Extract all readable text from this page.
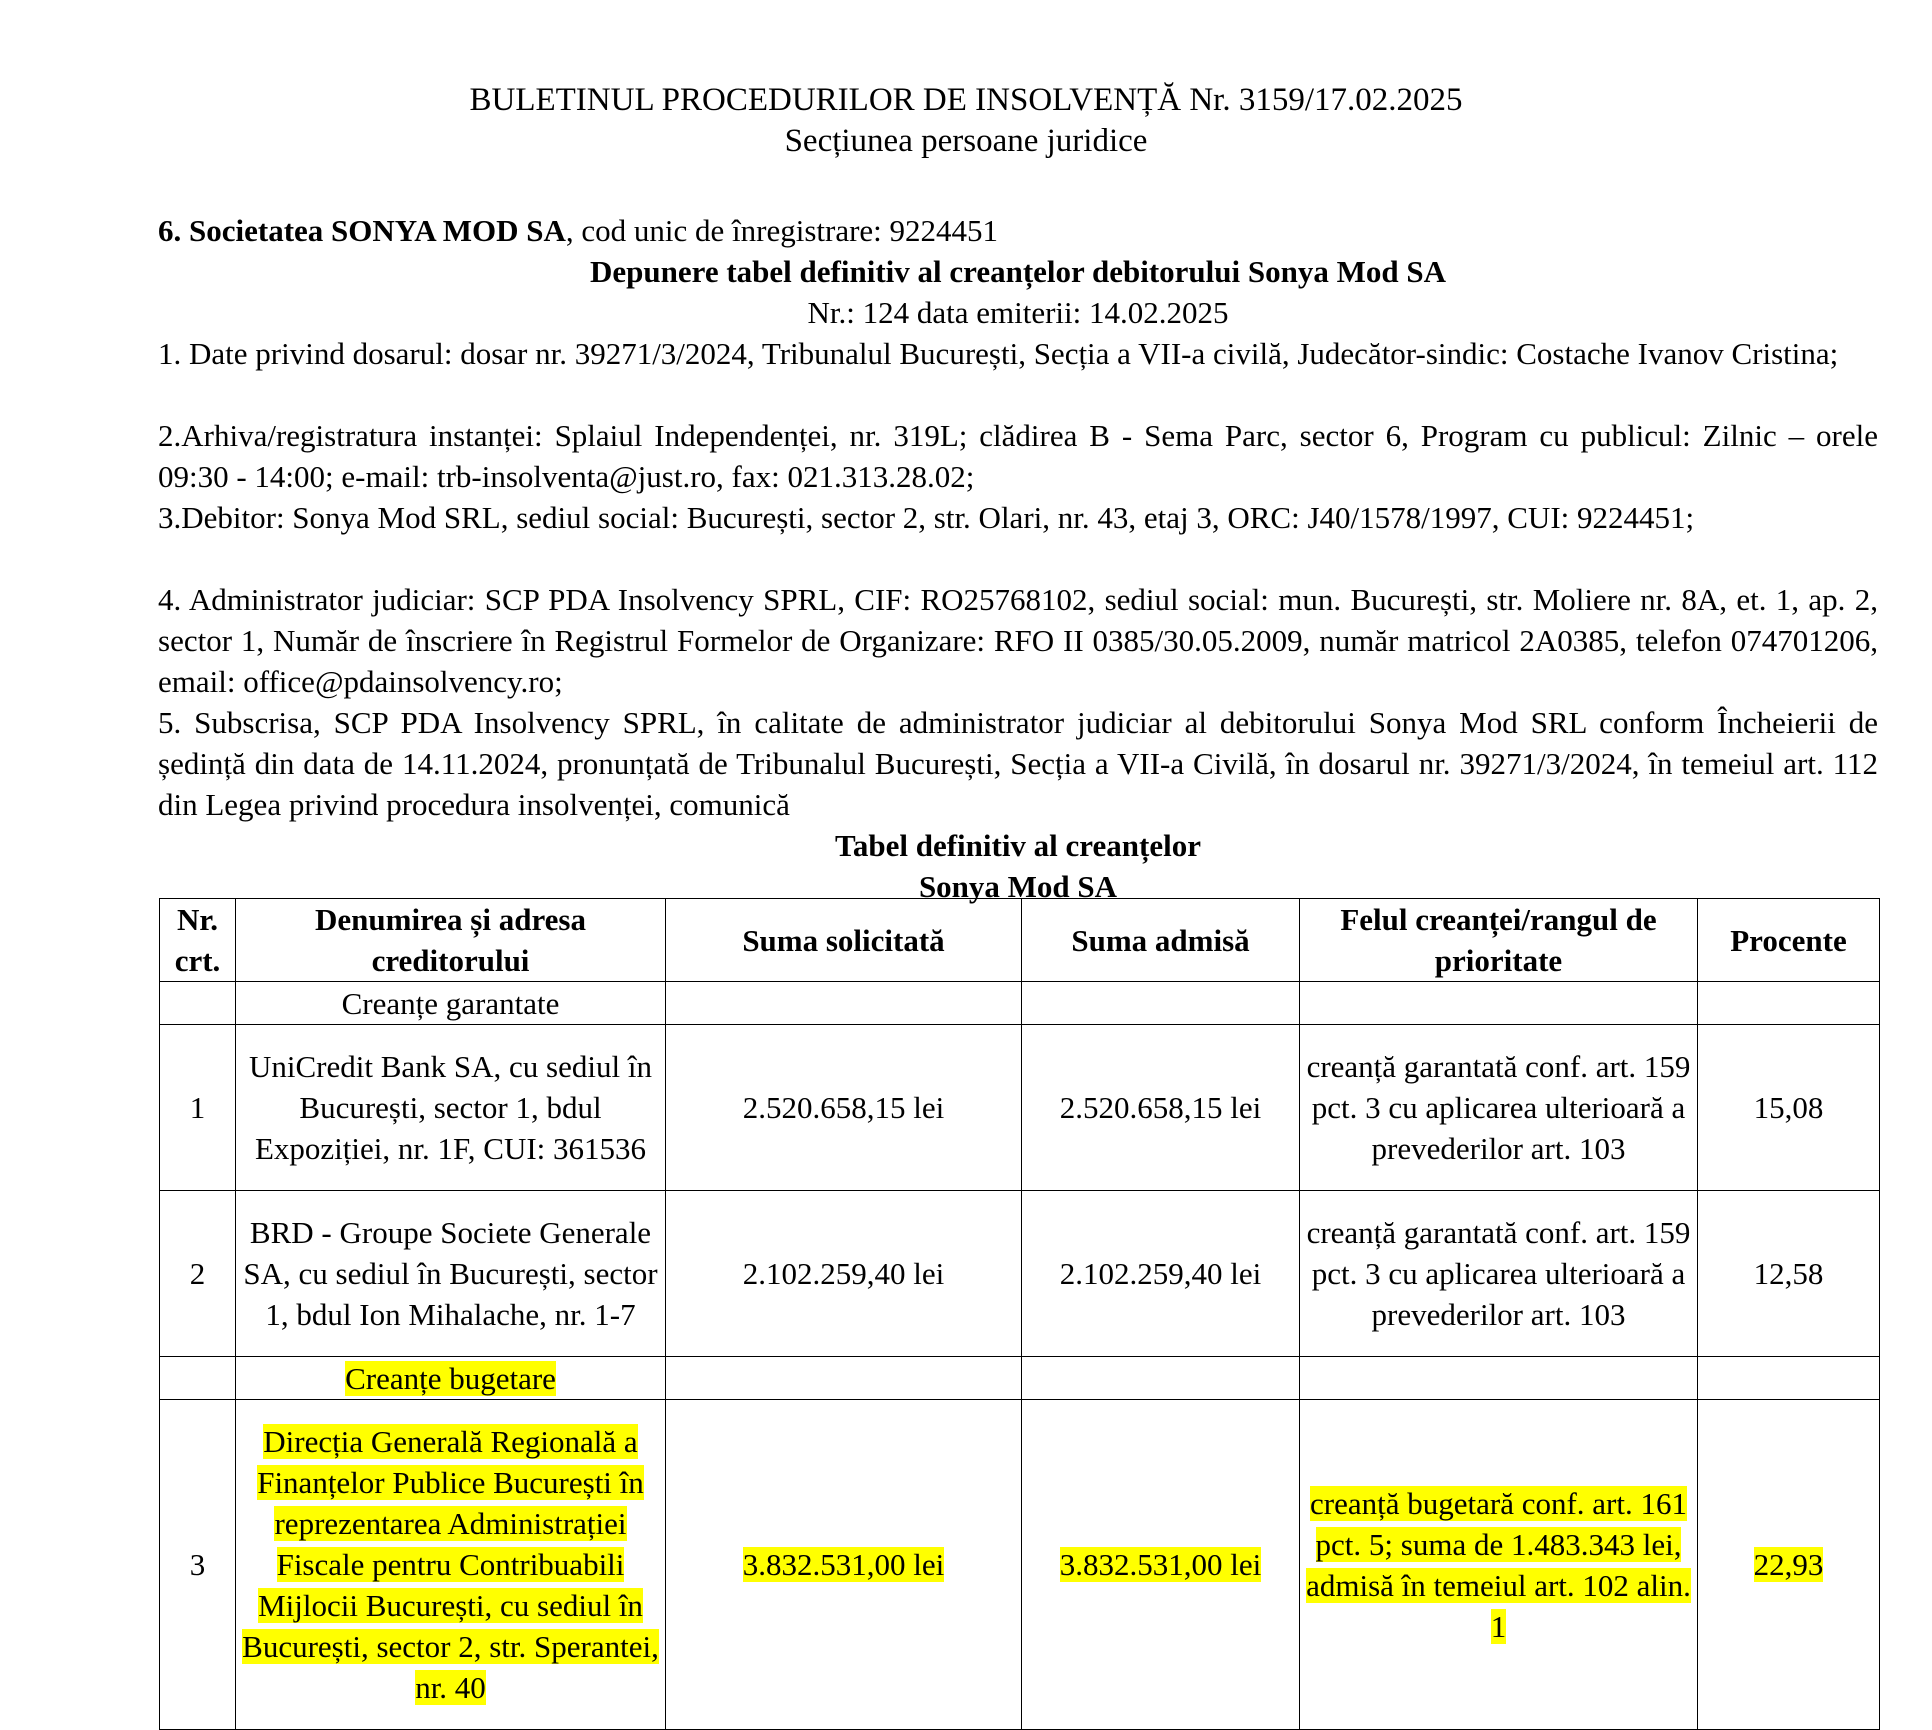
BULETINUL PROCEDURILOR DE INSOLVENȚĂ Nr. 3159/17.02.2025
Secțiunea persoane juridice
6. Societatea SONYA MOD SA, cod unic de înregistrare: 9224451
Depunere tabel definitiv al creanțelor debitorului Sonya Mod SA
Nr.: 124 data emiterii: 14.02.2025
1. Date privind dosarul: dosar nr. 39271/3/2024, Tribunalul București, Secția a VII-a civilă, Judecător-sindic: Costache Ivanov Cristina;
2.Arhiva/registratura instanței: Splaiul Independenței, nr. 319L; clădirea B - Sema Parc, sector 6, Program cu publicul: Zilnic – orele 09:30 - 14:00; e-mail: trb-insolventa@just.ro, fax: 021.313.28.02;
3.Debitor: Sonya Mod SRL, sediul social: București, sector 2, str. Olari, nr. 43, etaj 3, ORC: J40/1578/1997, CUI: 9224451;
4. Administrator judiciar: SCP PDA Insolvency SPRL, CIF: RO25768102, sediul social: mun. București, str. Moliere nr. 8A, et. 1, ap. 2, sector 1, Număr de înscriere în Registrul Formelor de Organizare: RFO II 0385/30.05.2009, număr matricol 2A0385, telefon 074701206, email: office@pdainsolvency.ro;
5. Subscrisa, SCP PDA Insolvency SPRL, în calitate de administrator judiciar al debitorului Sonya Mod SRL conform Încheierii de ședință din data de 14.11.2024, pronunțată de Tribunalul București, Secția a VII-a Civilă, în dosarul nr. 39271/3/2024, în temeiul art. 112 din Legea privind procedura insolvenței, comunică
Tabel definitiv al creanțelor
Sonya Mod SA
Nr. crt.	Denumirea și adresa creditorului	Suma solicitată	Suma admisă	Felul creanței/rangul de prioritate	Procente
	Creanțe garantate				
1	UniCredit Bank SA, cu sediul în București, sector 1, bdul Expoziției, nr. 1F, CUI: 361536	2.520.658,15 lei	2.520.658,15 lei	creanță garantată conf. art. 159 pct. 3 cu aplicarea ulterioară a prevederilor art. 103	15,08
2	BRD - Groupe Societe Generale SA, cu sediul în București, sector 1, bdul Ion Mihalache, nr. 1-7	2.102.259,40 lei	2.102.259,40 lei	creanță garantată conf. art. 159 pct. 3 cu aplicarea ulterioară a prevederilor art. 103	12,58
	Creanțe bugetare				
3	Direcția Generală Regională a Finanțelor Publice București în reprezentarea Administrației Fiscale pentru Contribuabili Mijlocii București, cu sediul în București, sector 2, str. Sperantei, nr. 40	3.832.531,00 lei	3.832.531,00 lei	creanță bugetară conf. art. 161 pct. 5; suma de 1.483.343 lei, admisă în temeiul art. 102 alin. 1	22,93
